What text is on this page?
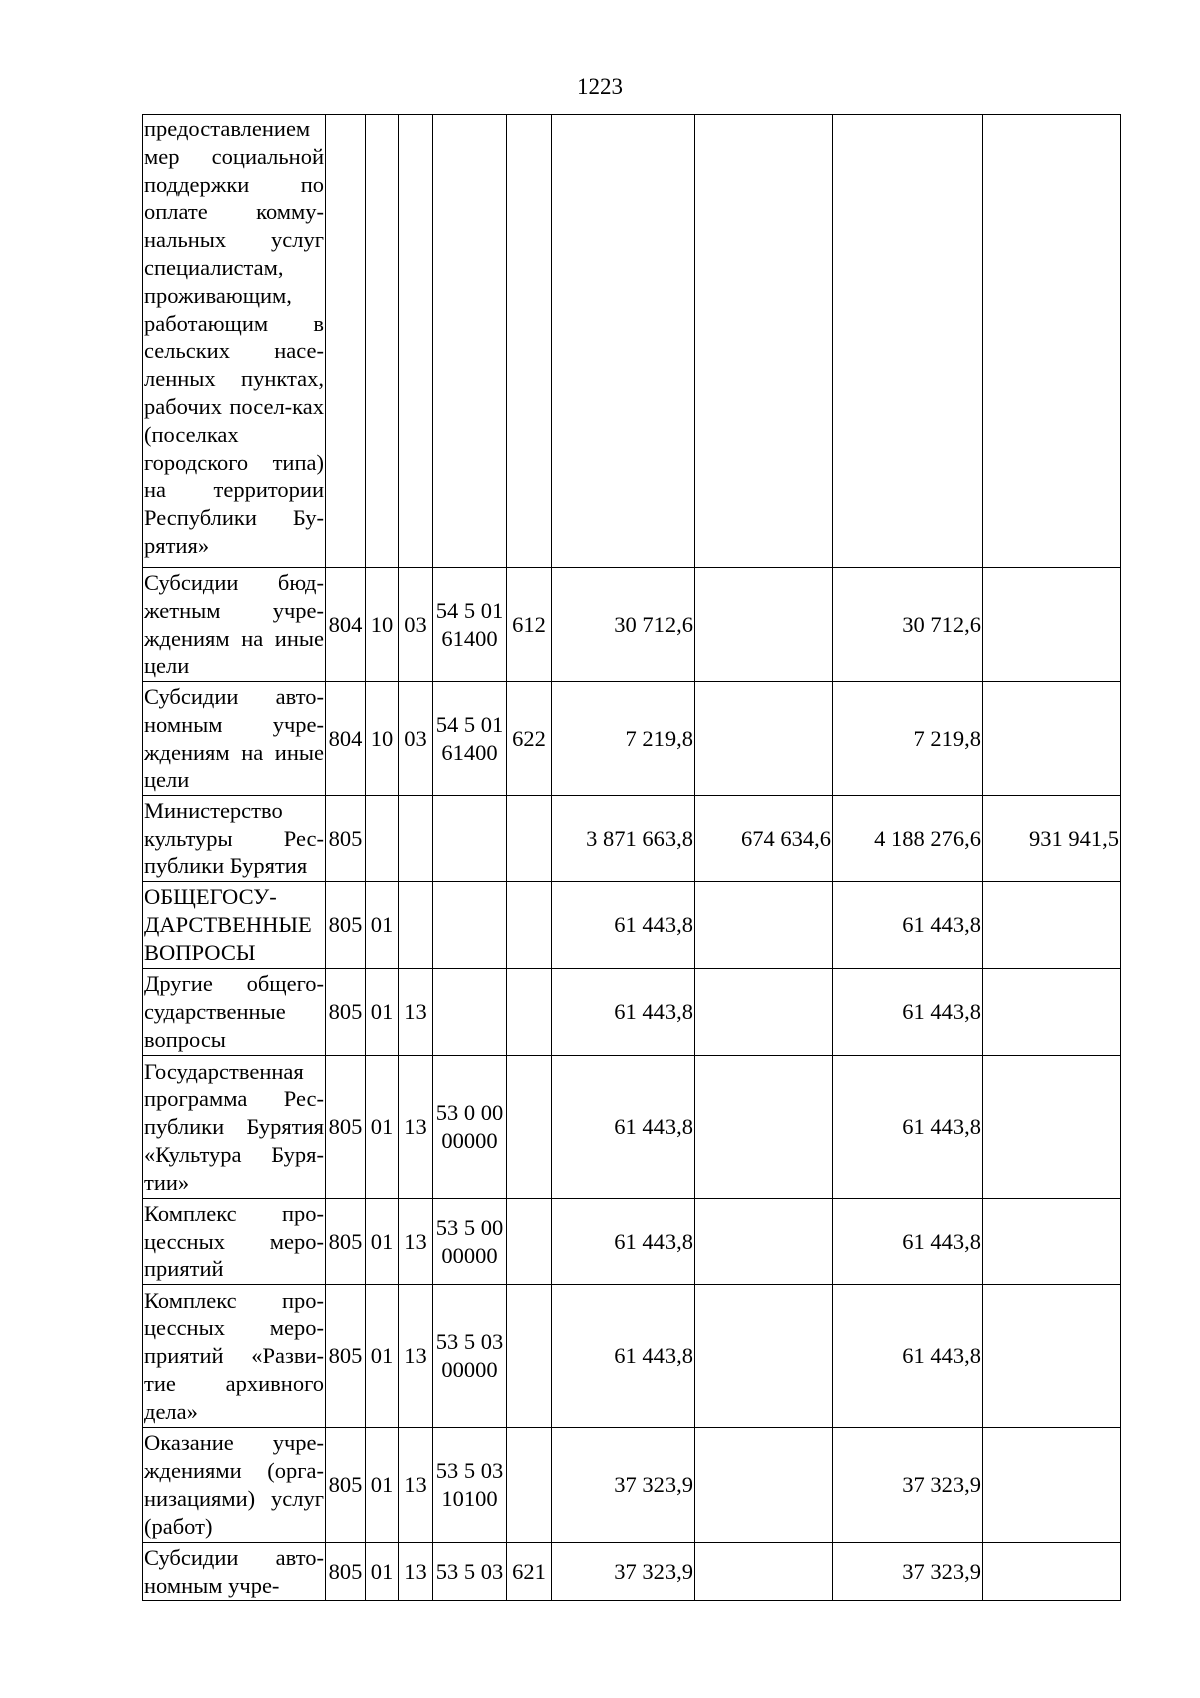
1223
предоставлением мер социальной поддержки по оплате комму-нальных услуг специалистам, проживающим, работающим в сельских насе-ленных пунктах, рабочих посел-ках (поселках городского типа) на территории Республики Бу-рятия»									
Субсидии бюд-жетным учре-ждениям на иные цели	804	10	03	54 5 01 61400	612	30 712,6		30 712,6	
Субсидии авто-номным учре-ждениям на иные цели	804	10	03	54 5 01 61400	622	7 219,8		7 219,8	
Министерство культуры Рес-публики Бурятия	805					3 871 663,8	674 634,6	4 188 276,6	931 941,5
ОБЩЕГОСУ-ДАРСТВЕННЫЕ ВОПРОСЫ	805	01				61 443,8		61 443,8	
Другие общего-сударственные вопросы	805	01	13			61 443,8		61 443,8	
Государственная программа Рес-публики Бурятия «Культура Буря-тии»	805	01	13	53 0 00 00000		61 443,8		61 443,8	
Комплекс про-цессных меро-приятий	805	01	13	53 5 00 00000		61 443,8		61 443,8	
Комплекс про-цессных меро-приятий «Разви-тие архивного дела»	805	01	13	53 5 03 00000		61 443,8		61 443,8	
Оказание учре-ждениями (орга-низациями) услуг (работ)	805	01	13	53 5 03 10100		37 323,9		37 323,9	
Субсидии авто-номным учре-	805	01	13	53 5 03	621	37 323,9		37 323,9	
